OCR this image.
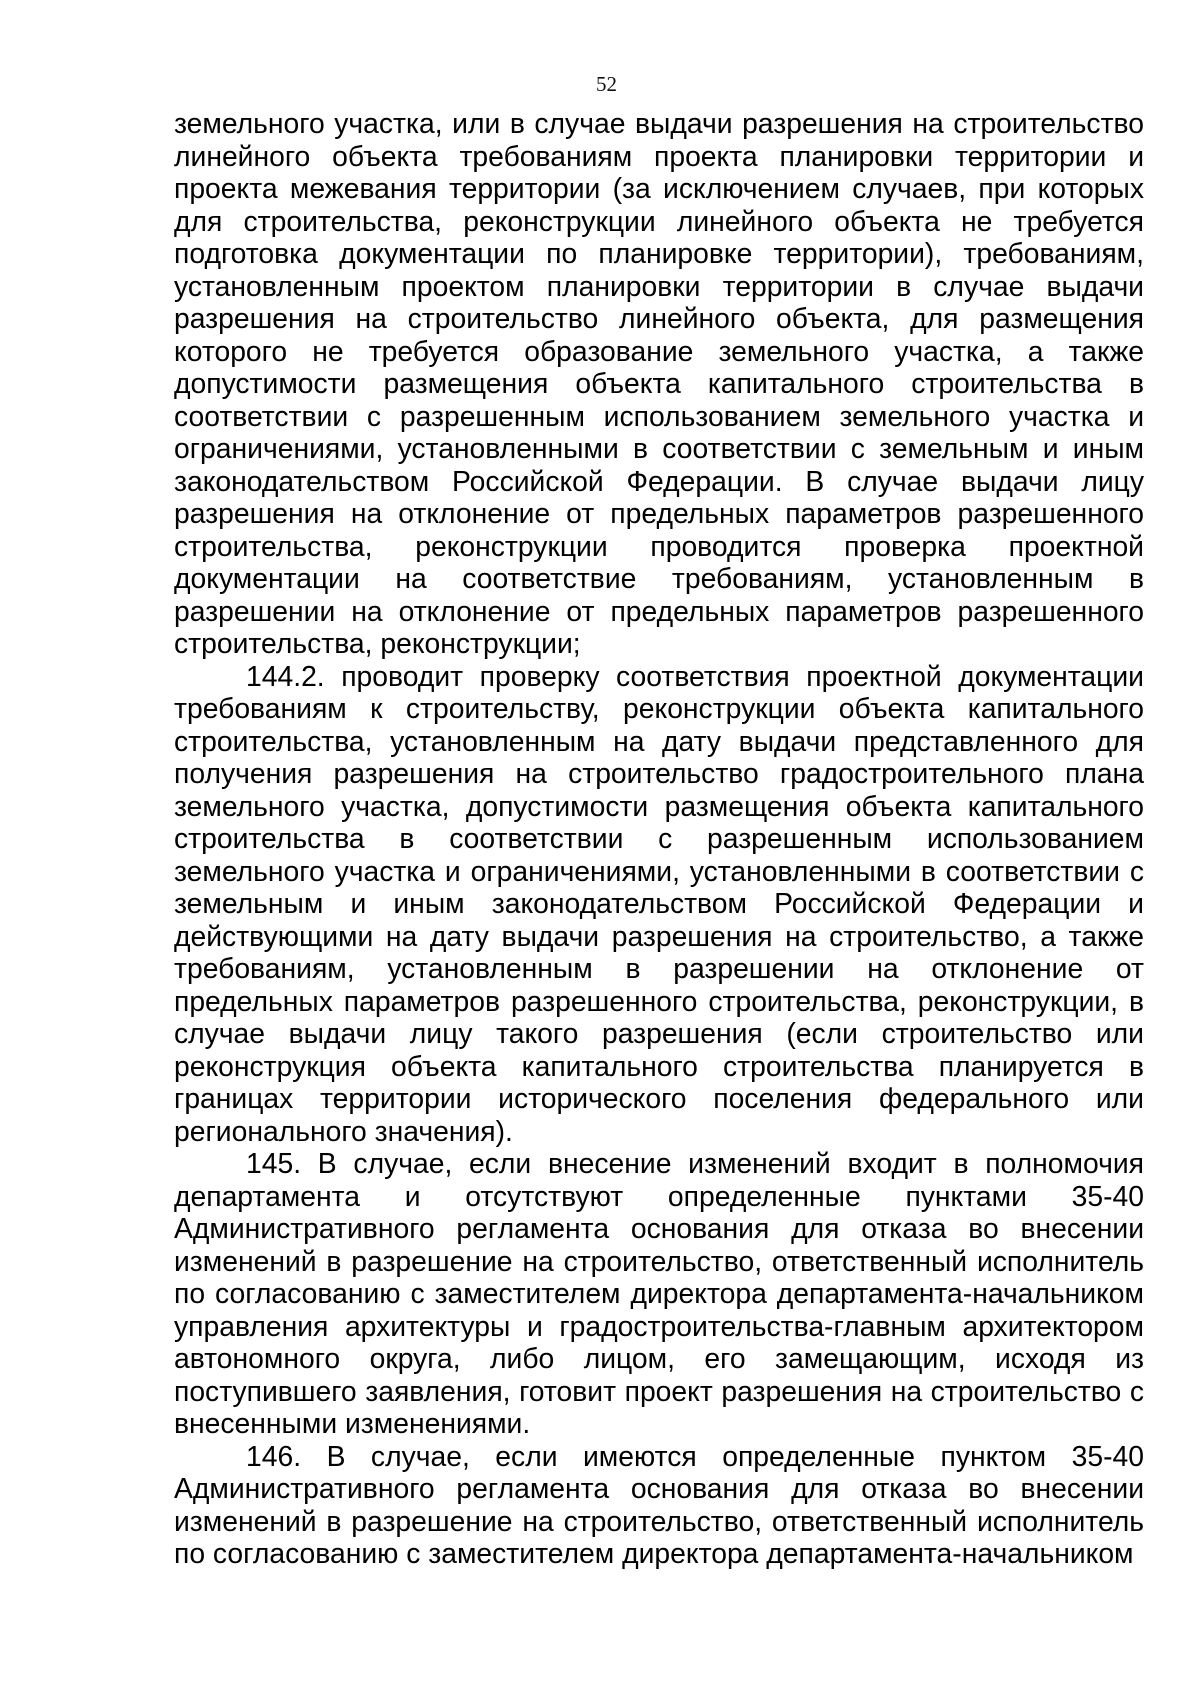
52

земельного участка, или в случае выдачи разрешения на строительство линейного объекта требованиям проекта планировки территории и проекта межевания территории (за исключением случаев, при которых для строительства, реконструкции линейного объекта не требуется подготовка документации по планировке территории), требованиям, установленным проектом планировки территории в случае выдачи разрешения на строительство линейного объекта, для размещения которого не требуется образование земельного участка, а также допустимости размещения объекта капитального строительства в соответствии с разрешенным использованием земельного участка и ограничениями, установленными в соответствии с земельным и иным законодательством Российской Федерации. В случае выдачи лицу разрешения на отклонение от предельных параметров разрешенного строительства, реконструкции проводится проверка проектной документации на соответствие требованиям, установленным в разрешении на отклонение от предельных параметров разрешенного строительства, реконструкции;

144.2. проводит проверку соответствия проектной документации требованиям к строительству, реконструкции объекта капитального строительства, установленным на дату выдачи представленного для получения разрешения на строительство градостроительного плана земельного участка, допустимости размещения объекта капитального строительства в соответствии с разрешенным использованием земельного участка и ограничениями, установленными в соответствии с земельным и иным законодательством Российской Федерации и действующими на дату выдачи разрешения на строительство, а также требованиям, установленным в разрешении на отклонение от предельных параметров разрешенного строительства, реконструкции, в случае выдачи лицу такого разрешения (если строительство или реконструкция объекта капитального строительства планируется в границах территории исторического поселения федерального или регионального значения).

145. В случае, если внесение изменений входит в полномочия департамента и отсутствуют определенные пунктами 35-40 Административного регламента основания для отказа во внесении изменений в разрешение на строительство, ответственный исполнитель по согласованию с заместителем директора департамента-начальником управления архитектуры и градостроительства-главным архитектором автономного округа, либо лицом, его замещающим, исходя из поступившего заявления, готовит проект разрешения на строительство с внесенными изменениями.

146. В случае, если имеются определенные пунктом 35-40 Административного регламента основания для отказа во внесении изменений в разрешение на строительство, ответственный исполнитель по согласованию с заместителем директора департамента-начальником
